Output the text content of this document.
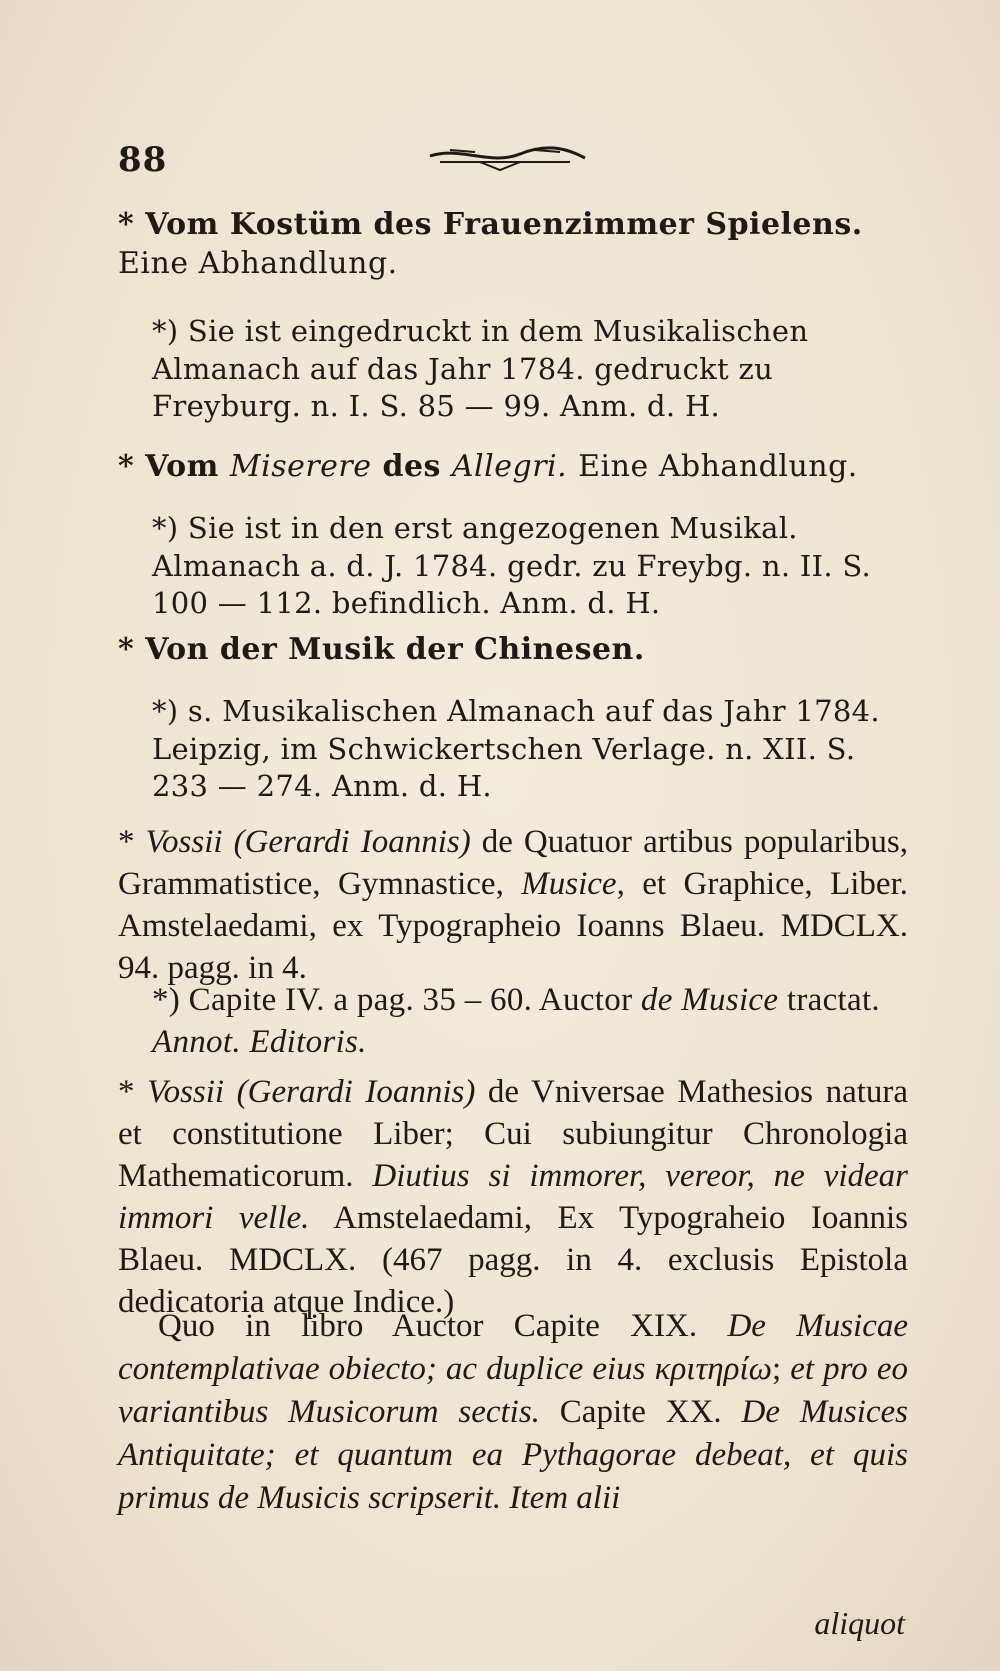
88
* Vom Kostüm des Frauenzimmer Spielens.
Eine Abhandlung.
*) Sie ist eingedruckt in dem Musikalischen Almanach auf das Jahr 1784. gedruckt zu Freyburg. n. I. S. 85 — 99. Anm. d. H.
* Vom Miserere des Allegri. Eine Abhandlung.
*) Sie ist in den erst angezogenen Musikal. Almanach a. d. J. 1784. gedr. zu Freybg. n. II. S. 100 — 112. befindlich. Anm. d. H.
* Von der Musik der Chinesen.
*) s. Musikalischen Almanach auf das Jahr 1784. Leipzig, im Schwickertschen Verlage. n. XII. S. 233 — 274. Anm. d. H.
* Vossii (Gerardi Ioannis) de Quatuor artibus popularibus, Grammatistice, Gymnastice, Musice, et Graphice, Liber. Amstelaedami, ex Typographeio Ioanns Blaeu. MDCLX. 94. pagg. in 4.
*) Capite IV. a pag. 35 – 60. Auctor de Musice tractat. Annot. Editoris.
* Vossii (Gerardi Ioannis) de Vniversae Mathesios natura et constitutione Liber; Cui subiungitur Chronologia Mathematicorum. Diutius si immorer, vereor, ne videar immori velle. Amstelaedami, Ex Typograheio Ioannis Blaeu. MDCLX. (467 pagg. in 4. exclusis Epistola dedicatoria atque Indice.)
Quo in libro Auctor Capite XIX. De Musicae contemplativae obiecto; ac duplice eius κριτηρίω; et pro eo variantibus Musicorum sectis. Capite XX. De Musices Antiquitate; et quantum ea Pythagorae debeat, et quis primus de Musicis scripserit. Item alii
aliquot
